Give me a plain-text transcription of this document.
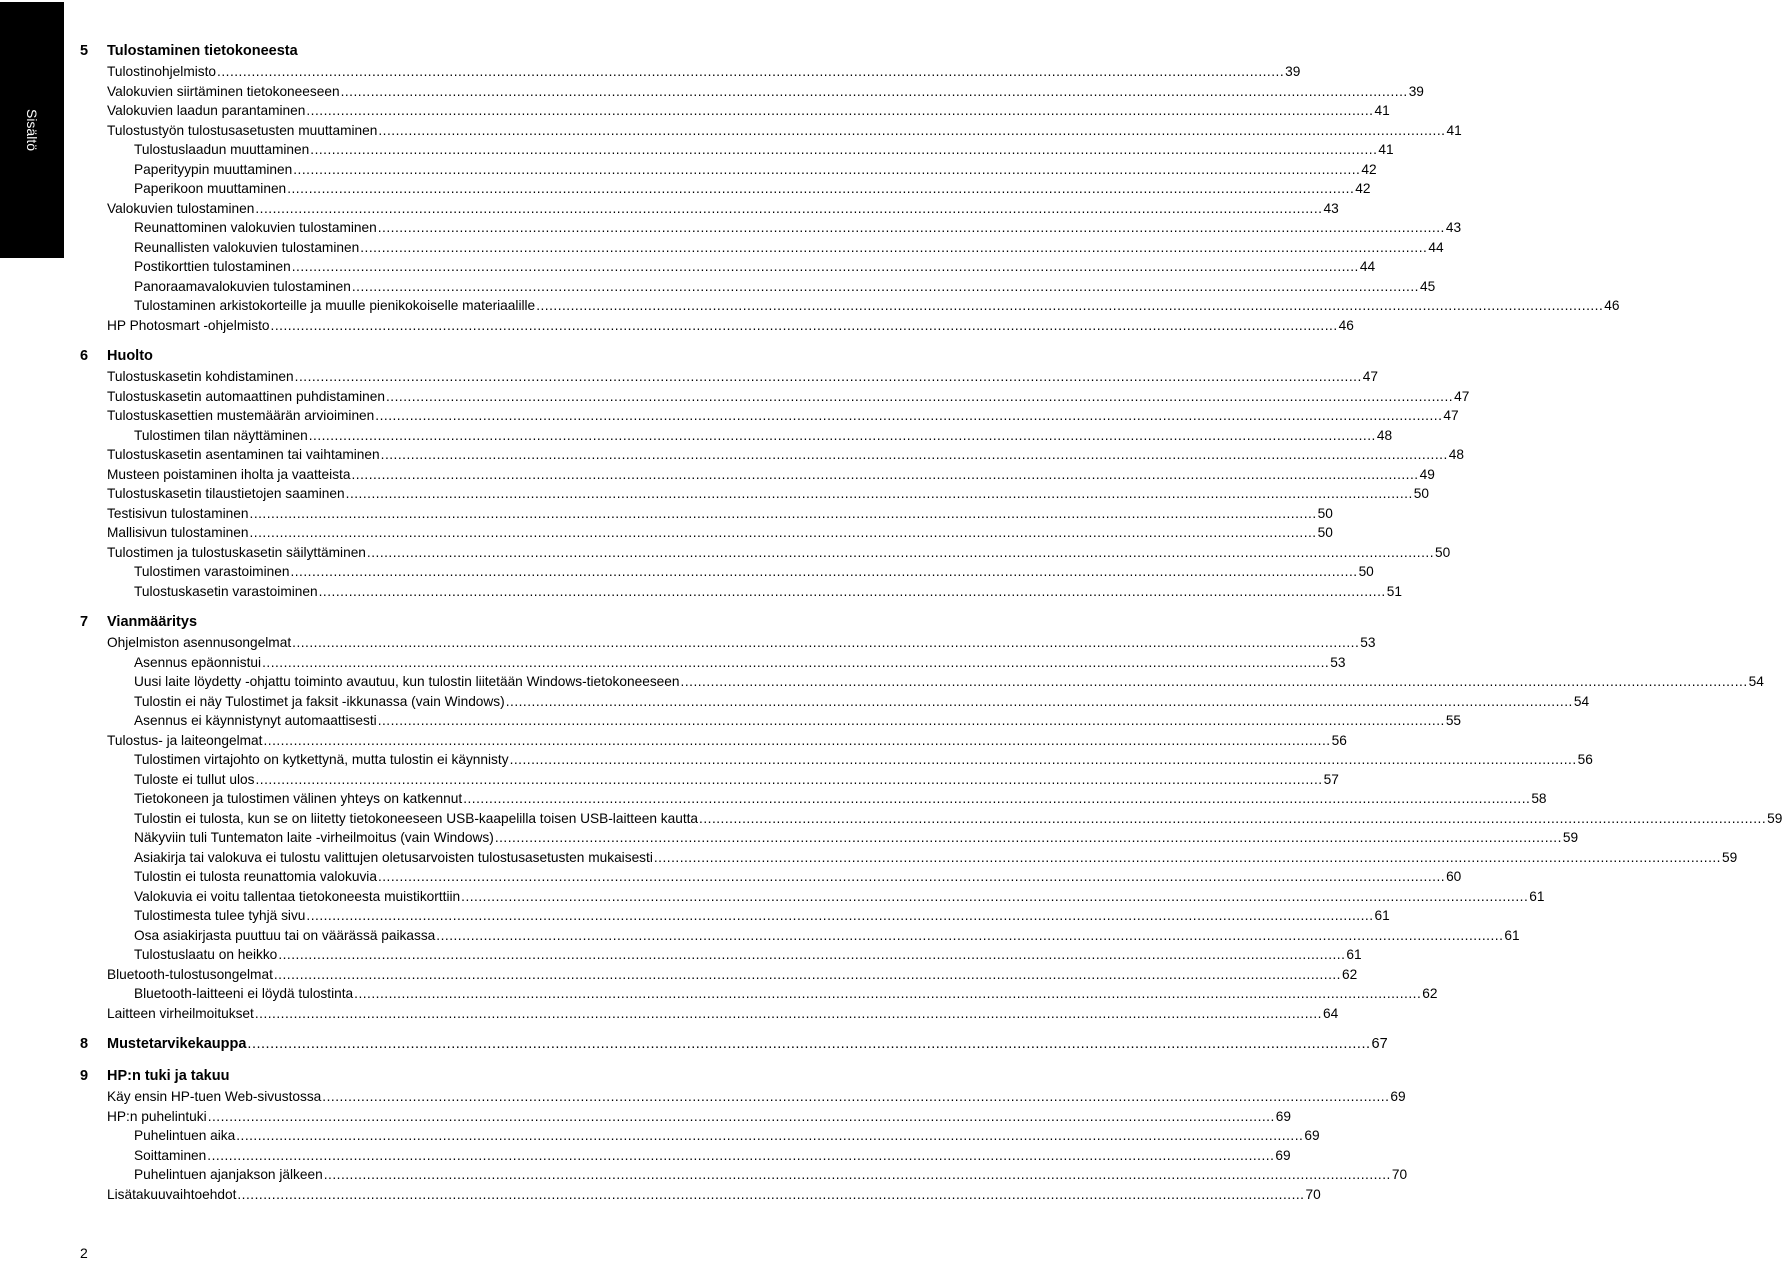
Sisältö
5	Tulostaminen tietokoneesta
Tulostinohjelmisto .....	39
Valokuvien siirtäminen tietokoneeseen .....	39
Valokuvien laadun parantaminen .....	41
Tulostustyön tulostusasetusten muuttaminen .....	41
Tulostuslaadun muuttaminen .....	41
Paperityypin muuttaminen .....	42
Paperikoon muuttaminen .....	42
Valokuvien tulostaminen .....	43
Reunattominen valokuvien tulostaminen .....	43
Reunallisten valokuvien tulostaminen .....	44
Postikorttien tulostaminen .....	44
Panoraamavalokuvien tulostaminen .....	45
Tulostaminen arkistokorteille ja muulle pienikokoiselle materiaalille .....	46
HP Photosmart -ohjelmisto .....	46
6	Huolto
Tulostuskasetin kohdistaminen .....	47
Tulostuskasetin automaattinen puhdistaminen .....	47
Tulostuskasettien mustemäärän arvioiminen .....	47
Tulostimen tilan näyttäminen .....	48
Tulostuskasetin asentaminen tai vaihtaminen .....	48
Musteen poistaminen iholta ja vaatteista .....	49
Tulostuskasetin tilaustietojen saaminen .....	50
Testisivun tulostaminen .....	50
Mallisivun tulostaminen .....	50
Tulostimen ja tulostuskasetin säilyttäminen .....	50
Tulostimen varastoiminen .....	50
Tulostuskasetin varastoiminen .....	51
7	Vianmääritys
Ohjelmiston asennusongelmat .....	53
Asennus epäonnistui .....	53
Uusi laite löydetty -ohjattu toiminto avautuu, kun tulostin liitetään Windows-tietokoneeseen .....	54
Tulostin ei näy Tulostimet ja faksit -ikkunassa (vain Windows) .....	54
Asennus ei käynnistynyt automaattisesti .....	55
Tulostus- ja laiteongelmat .....	56
Tulostimen virtajohto on kytkettynä, mutta tulostin ei käynnisty .....	56
Tuloste ei tullut ulos .....	57
Tietokoneen ja tulostimen välinen yhteys on katkennut .....	58
Tulostin ei tulosta, kun se on liitetty tietokoneeseen USB-kaapelilla toisen USB-laitteen kautta .....	59
Näkyviin tuli Tuntematon laite -virheilmoitus (vain Windows) .....	59
Asiakirja tai valokuva ei tulostu valittujen oletusarvoisten tulostusasetusten mukaisesti .....	59
Tulostin ei tulosta reunattomia valokuvia .....	60
Valokuvia ei voitu tallentaa tietokoneesta muistikorttiin .....	61
Tulostimesta tulee tyhjä sivu .....	61
Osa asiakirjasta puuttuu tai on väärässä paikassa .....	61
Tulostuslaatu on heikko .....	61
Bluetooth-tulostusongelmat .....	62
Bluetooth-laitteeni ei löydä tulostinta .....	62
Laitteen virheilmoitukset .....	64
8	Mustetarvikekauppa .....	67
9	HP:n tuki ja takuu
Käy ensin HP-tuen Web-sivustossa .....	69
HP:n puhelintuki .....	69
Puhelintuen aika .....	69
Soittaminen .....	69
Puhelintuen ajanjakson jälkeen .....	70
Lisätakuuvaihtoehdot .....	70
2
